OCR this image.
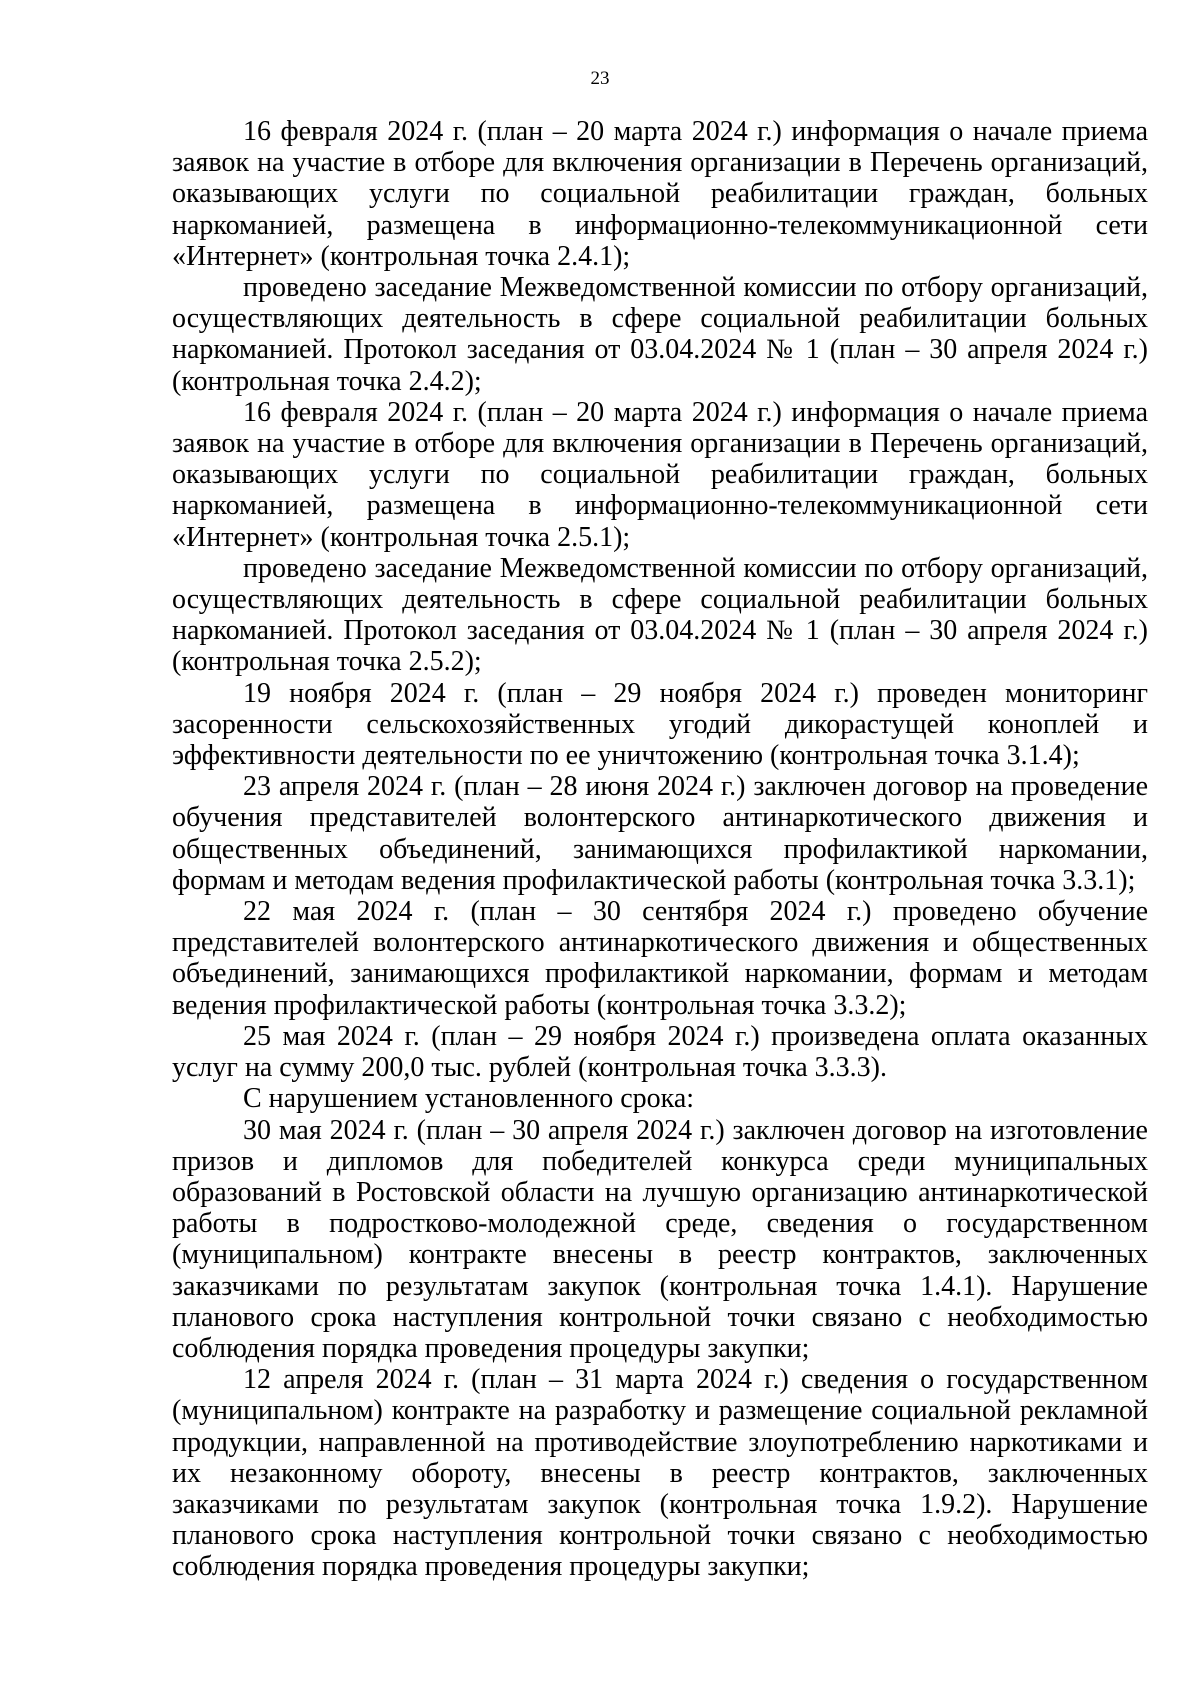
23

16 февраля 2024 г. (план – 20 марта 2024 г.) информация о начале приема заявок на участие в отборе для включения организации в Перечень организаций, оказывающих услуги по социальной реабилитации граждан, больных наркоманией, размещена в информационно-телекоммуникационной сети «Интернет» (контрольная точка 2.4.1);

проведено заседание Межведомственной комиссии по отбору организаций, осуществляющих деятельность в сфере социальной реабилитации больных наркоманией. Протокол заседания от 03.04.2024 № 1 (план – 30 апреля 2024 г.) (контрольная точка 2.4.2);

16 февраля 2024 г. (план – 20 марта 2024 г.) информация о начале приема заявок на участие в отборе для включения организации в Перечень организаций, оказывающих услуги по социальной реабилитации граждан, больных наркоманией, размещена в информационно-телекоммуникационной сети «Интернет» (контрольная точка 2.5.1);

проведено заседание Межведомственной комиссии по отбору организаций, осуществляющих деятельность в сфере социальной реабилитации больных наркоманией. Протокол заседания от 03.04.2024 № 1 (план – 30 апреля 2024 г.) (контрольная точка 2.5.2);

19 ноября 2024 г. (план – 29 ноября 2024 г.) проведен мониторинг засоренности сельскохозяйственных угодий дикорастущей коноплей и эффективности деятельности по ее уничтожению (контрольная точка 3.1.4);

23 апреля 2024 г. (план – 28 июня 2024 г.) заключен договор на проведение обучения представителей волонтерского антинаркотического движения и общественных объединений, занимающихся профилактикой наркомании, формам и методам ведения профилактической работы (контрольная точка 3.3.1);

22 мая 2024 г. (план – 30 сентября 2024 г.) проведено обучение представителей волонтерского антинаркотического движения и общественных объединений, занимающихся профилактикой наркомании, формам и методам ведения профилактической работы (контрольная точка 3.3.2);

25 мая 2024 г. (план – 29 ноября 2024 г.) произведена оплата оказанных услуг на сумму 200,0 тыс. рублей (контрольная точка 3.3.3).

С нарушением установленного срока:

30 мая 2024 г. (план – 30 апреля 2024 г.) заключен договор на изготовление призов и дипломов для победителей конкурса среди муниципальных образований в Ростовской области на лучшую организацию антинаркотической работы в подростково-молодежной среде, сведения о государственном (муниципальном) контракте внесены в реестр контрактов, заключенных заказчиками по результатам закупок (контрольная точка 1.4.1). Нарушение планового срока наступления контрольной точки связано с необходимостью соблюдения порядка проведения процедуры закупки;

12 апреля 2024 г. (план – 31 марта 2024 г.) сведения о государственном (муниципальном) контракте на разработку и размещение социальной рекламной продукции, направленной на противодействие злоупотреблению наркотиками и их незаконному обороту, внесены в реестр контрактов, заключенных заказчиками по результатам закупок (контрольная точка 1.9.2). Нарушение планового срока наступления контрольной точки связано с необходимостью соблюдения порядка проведения процедуры закупки;
